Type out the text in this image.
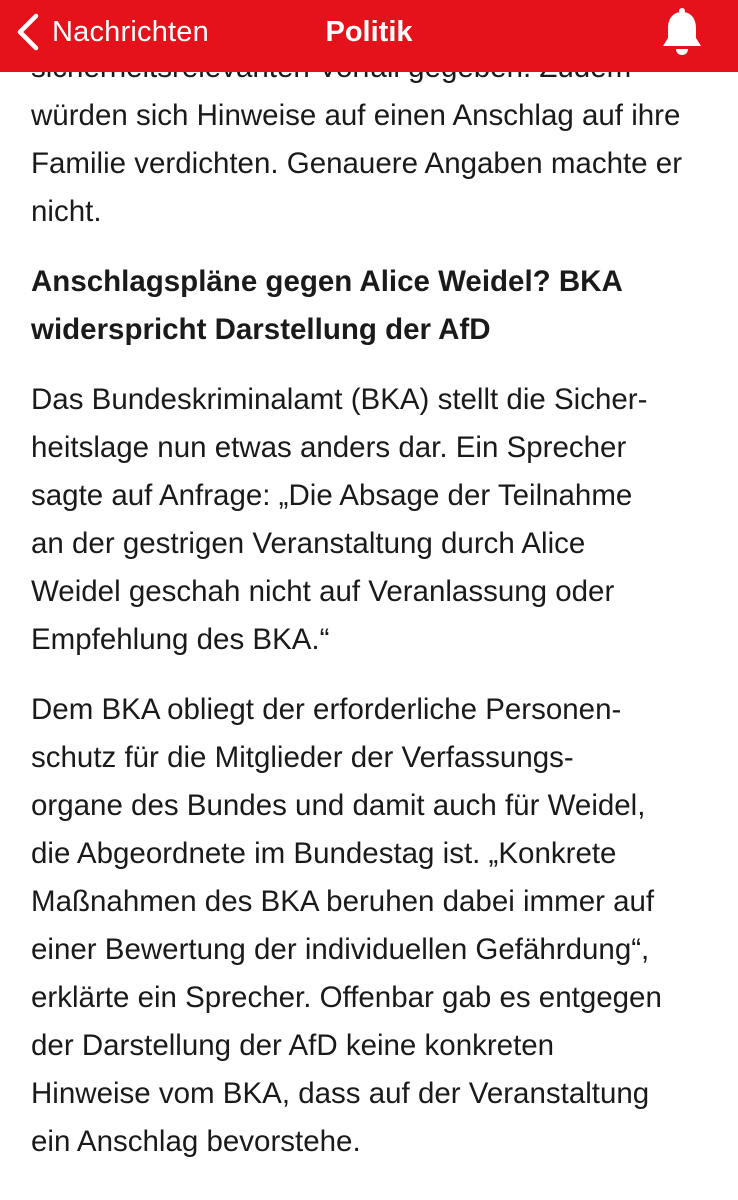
Nachrichten	Politik

würden sich Hinweise auf einen Anschlag auf ihre
Familie verdichten. Genauere Angaben machte er
nicht.

Anschlagspläne gegen Alice Weidel? BKA
widerspricht Darstellung der AfD

Das Bundeskriminalamt (BKA) stellt die Sicher-
heitslage nun etwas anders dar. Ein Sprecher
sagte auf Anfrage: „Die Absage der Teilnahme
an der gestrigen Veranstaltung durch Alice
Weidel geschah nicht auf Veranlassung oder
Empfehlung des BKA.“

Dem BKA obliegt der erforderliche Personen-
schutz für die Mitglieder der Verfassungs-
organe des Bundes und damit auch für Weidel,
die Abgeordnete im Bundestag ist. „Konkrete
Maßnahmen des BKA beruhen dabei immer auf
einer Bewertung der individuellen Gefährdung“,
erklärte ein Sprecher. Offenbar gab es entgegen
der Darstellung der AfD keine konkreten
Hinweise vom BKA, dass auf der Veranstaltung
ein Anschlag bevorstehe.
